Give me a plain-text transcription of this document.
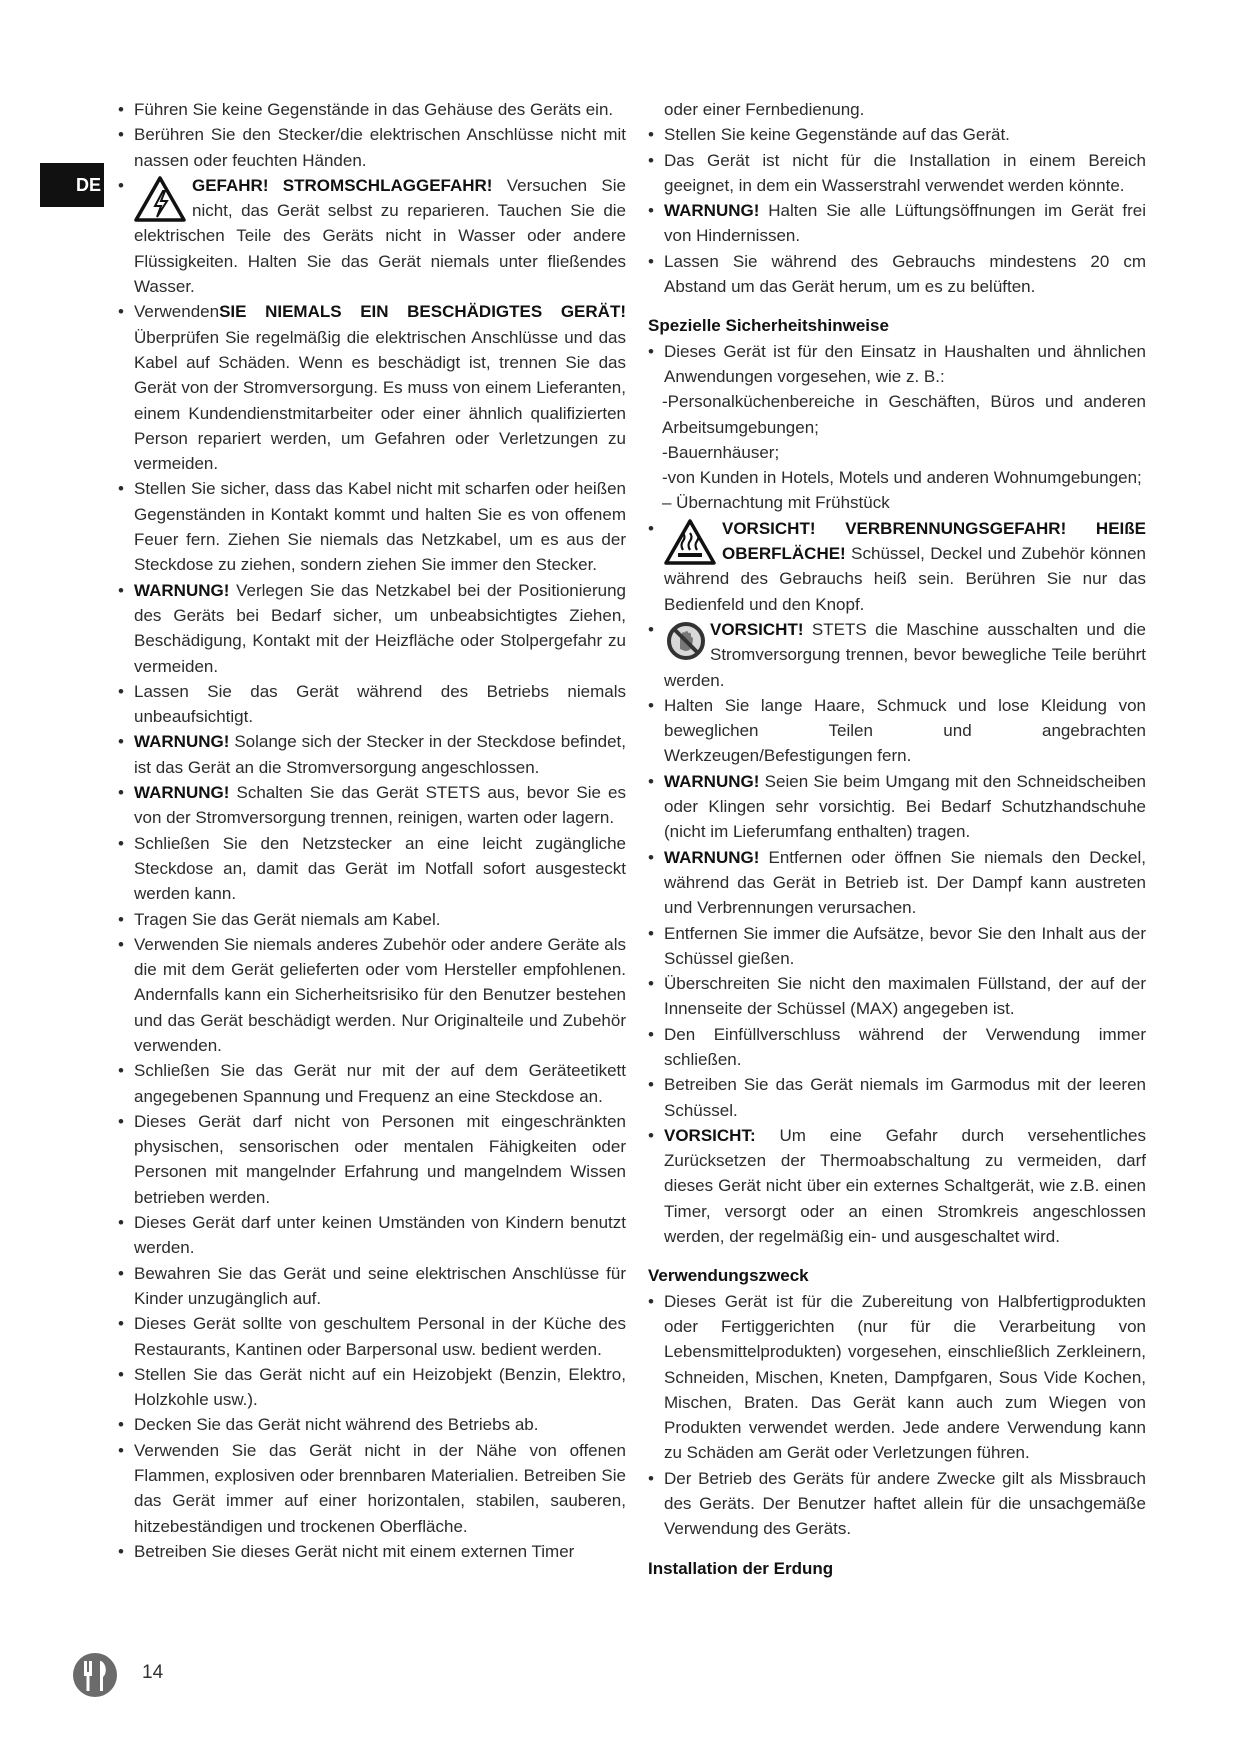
DE
• Führen Sie keine Gegenstände in das Gehäuse des Geräts ein.
• Berühren Sie den Stecker/die elektrischen Anschlüsse nicht mit nassen oder feuchten Händen.
•	GEFAHR! STROMSCHLAGGEFAHR! Versuchen Sie nicht, das Gerät selbst zu reparieren. Tauchen Sie die elektrischen Teile des Geräts nicht in Wasser oder andere Flüssigkeiten. Halten Sie das Gerät niemals unter fließendes Wasser.
• VerwendenSIE NIEMALS EIN BESCHÄDIGTES GERÄT! Überprüfen Sie regelmäßig die elektrischen Anschlüsse und das Kabel auf Schäden. Wenn es beschädigt ist, trennen Sie das Gerät von der Stromversorgung. Es muss von einem Lieferanten, einem Kundendienstmitarbeiter oder einer ähnlich qualifizierten Person repariert werden, um Gefahren oder Verletzungen zu vermeiden.
• Stellen Sie sicher, dass das Kabel nicht mit scharfen oder heißen Gegenständen in Kontakt kommt und halten Sie es von offenem Feuer fern. Ziehen Sie niemals das Netzkabel, um es aus der Steckdose zu ziehen, sondern ziehen Sie immer den Stecker.
• WARNUNG! Verlegen Sie das Netzkabel bei der Positionierung des Geräts bei Bedarf sicher, um unbeabsichtigtes Ziehen, Beschädigung, Kontakt mit der Heizfläche oder Stolpergefahr zu vermeiden.
• Lassen Sie das Gerät während des Betriebs niemals unbeaufsichtigt.
• WARNUNG! Solange sich der Stecker in der Steckdose befindet, ist das Gerät an die Stromversorgung angeschlossen.
• WARNUNG! Schalten Sie das Gerät STETS aus, bevor Sie es von der Stromversorgung trennen, reinigen, warten oder lagern.
• Schließen Sie den Netzstecker an eine leicht zugängliche Steckdose an, damit das Gerät im Notfall sofort ausgesteckt werden kann.
• Tragen Sie das Gerät niemals am Kabel.
• Verwenden Sie niemals anderes Zubehör oder andere Geräte als die mit dem Gerät gelieferten oder vom Hersteller empfohlenen. Andernfalls kann ein Sicherheitsrisiko für den Benutzer bestehen und das Gerät beschädigt werden. Nur Originalteile und Zubehör verwenden.
• Schließen Sie das Gerät nur mit der auf dem Geräteetikett angegebenen Spannung und Frequenz an eine Steckdose an.
• Dieses Gerät darf nicht von Personen mit eingeschränkten physischen, sensorischen oder mentalen Fähigkeiten oder Personen mit mangelnder Erfahrung und mangelndem Wissen betrieben werden.
• Dieses Gerät darf unter keinen Umständen von Kindern benutzt werden.
• Bewahren Sie das Gerät und seine elektrischen Anschlüsse für Kinder unzugänglich auf.
• Dieses Gerät sollte von geschultem Personal in der Küche des Restaurants, Kantinen oder Barpersonal usw. bedient werden.
• Stellen Sie das Gerät nicht auf ein Heizobjekt (Benzin, Elektro, Holzkohle usw.).
• Decken Sie das Gerät nicht während des Betriebs ab.
• Verwenden Sie das Gerät nicht in der Nähe von offenen Flammen, explosiven oder brennbaren Materialien. Betreiben Sie das Gerät immer auf einer horizontalen, stabilen, sauberen, hitzebeständigen und trockenen Oberfläche.
• Betreiben Sie dieses Gerät nicht mit einem externen Timer
oder einer Fernbedienung.
• Stellen Sie keine Gegenstände auf das Gerät.
• Das Gerät ist nicht für die Installation in einem Bereich geeignet, in dem ein Wasserstrahl verwendet werden könnte.
• WARNUNG! Halten Sie alle Lüftungsöffnungen im Gerät frei von Hindernissen.
• Lassen Sie während des Gebrauchs mindestens 20 cm Abstand um das Gerät herum, um es zu belüften.
Spezielle Sicherheitshinweise
• Dieses Gerät ist für den Einsatz in Haushalten und ähnlichen Anwendungen vorgesehen, wie z. B.:
-Personalküchenbereiche in Geschäften, Büros und anderen Arbeitsumgebungen;
-Bauernhäuser;
-von Kunden in Hotels, Motels und anderen Wohnumgebungen;
– Übernachtung mit Frühstück
•	VORSICHT! VERBRENNUNGSGEFAHR! HEIßE OBERFLÄCHE! Schüssel, Deckel und Zubehör können während des Gebrauchs heiß sein. Berühren Sie nur das Bedienfeld und den Knopf.
•	VORSICHT! STETS die Maschine ausschalten und die Stromversorgung trennen, bevor bewegliche Teile berührt werden.
• Halten Sie lange Haare, Schmuck und lose Kleidung von beweglichen Teilen und angebrachten Werkzeugen/Befestigungen fern.
• WARNUNG! Seien Sie beim Umgang mit den Schneidscheiben oder Klingen sehr vorsichtig. Bei Bedarf Schutzhandschuhe (nicht im Lieferumfang enthalten) tragen.
• WARNUNG! Entfernen oder öffnen Sie niemals den Deckel, während das Gerät in Betrieb ist. Der Dampf kann austreten und Verbrennungen verursachen.
• Entfernen Sie immer die Aufsätze, bevor Sie den Inhalt aus der Schüssel gießen.
• Überschreiten Sie nicht den maximalen Füllstand, der auf der Innenseite der Schüssel (MAX) angegeben ist.
• Den Einfüllverschluss während der Verwendung immer schließen.
• Betreiben Sie das Gerät niemals im Garmodus mit der leeren Schüssel.
• VORSICHT: Um eine Gefahr durch versehentliches Zurücksetzen der Thermoabschaltung zu vermeiden, darf dieses Gerät nicht über ein externes Schaltgerät, wie z.B. einen Timer, versorgt oder an einen Stromkreis angeschlossen werden, der regelmäßig ein- und ausgeschaltet wird.
Verwendungszweck
• Dieses Gerät ist für die Zubereitung von Halbfertigprodukten oder Fertiggerichten (nur für die Verarbeitung von Lebensmittelprodukten) vorgesehen, einschließlich Zerkleinern, Schneiden, Mischen, Kneten, Dampfgaren, Sous Vide Kochen, Mischen, Braten. Das Gerät kann auch zum Wiegen von Produkten verwendet werden. Jede andere Verwendung kann zu Schäden am Gerät oder Verletzungen führen.
• Der Betrieb des Geräts für andere Zwecke gilt als Missbrauch des Geräts. Der Benutzer haftet allein für die unsachgemäße Verwendung des Geräts.
Installation der Erdung
14
